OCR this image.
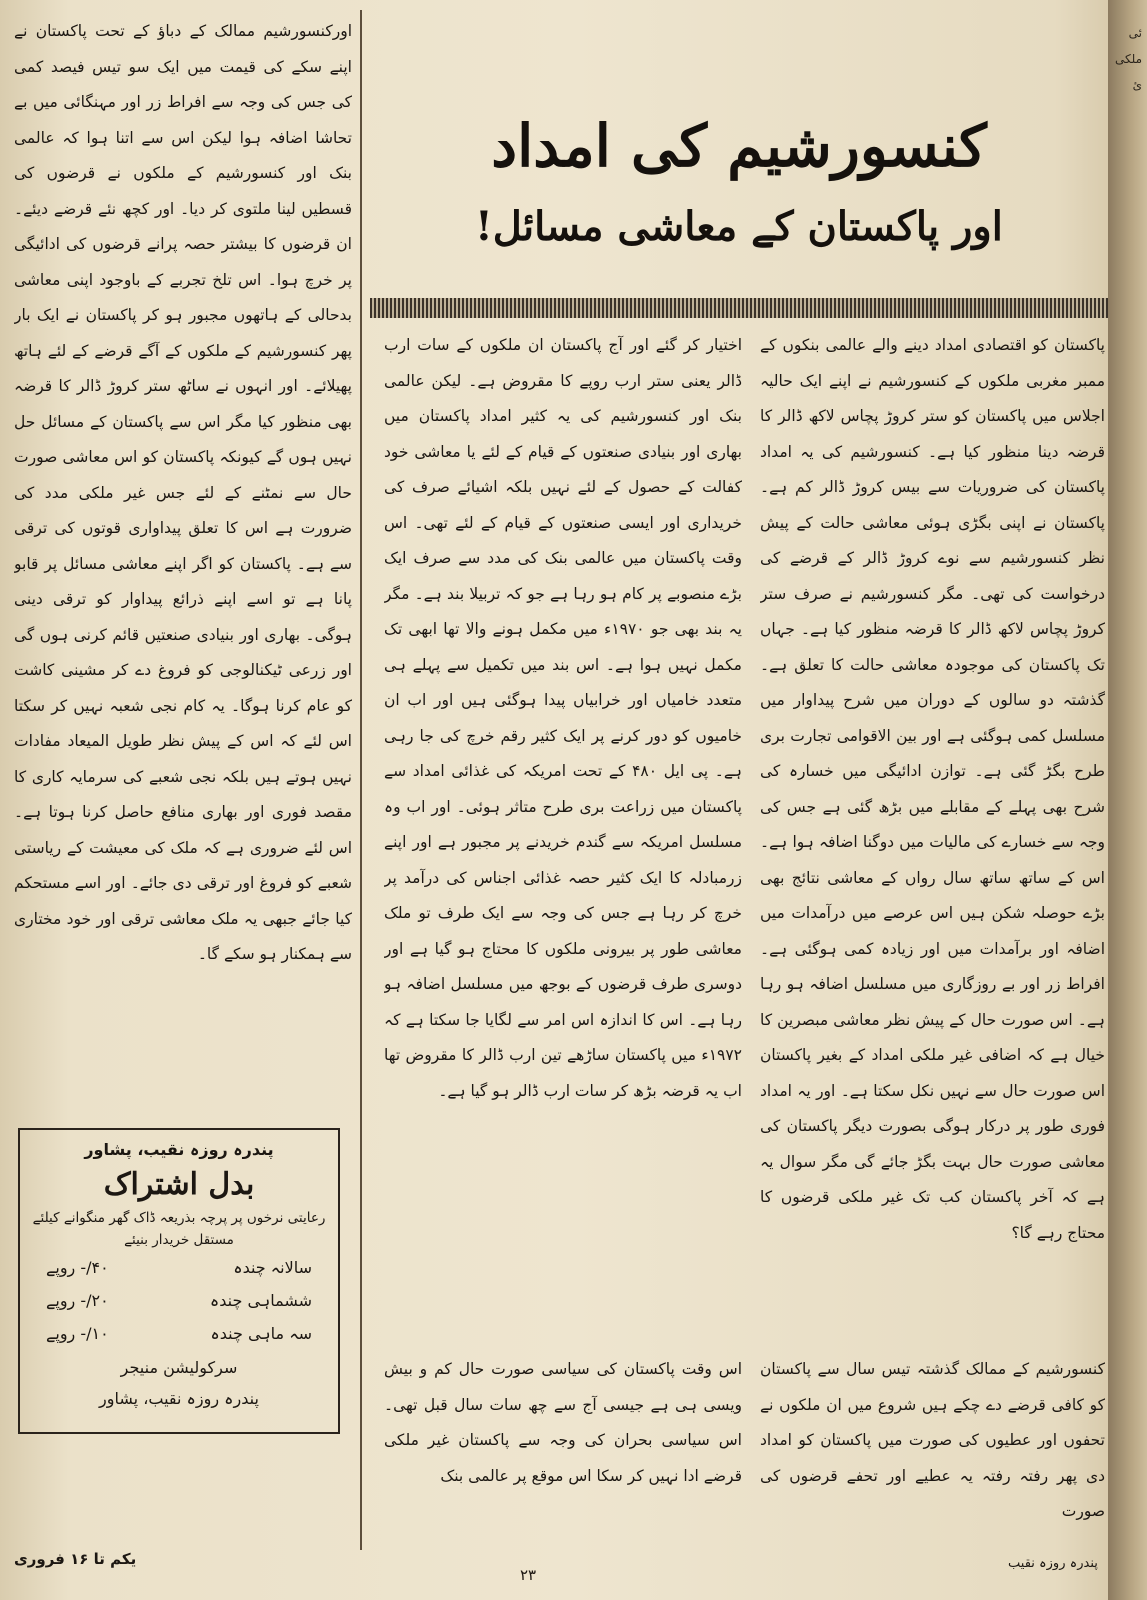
اورکنسورشیم ممالک کے دباؤ کے تحت پاکستان نے اپنے سکے کی قیمت میں ایک سو تیس فیصد کمی کی جس کی وجہ سے افراط زر اور مہنگائی میں بے تحاشا اضافہ ہوا لیکن اس سے اتنا ہوا کہ عالمی بنک اور کنسورشیم کے ملکوں نے قرضوں کی قسطیں لینا ملتوی کر دیا۔ اور کچھ نئے قرضے دیئے۔ ان قرضوں کا بیشتر حصہ پرانے قرضوں کی ادائیگی پر خرچ ہوا۔ اس تلخ تجربے کے باوجود اپنی معاشی بدحالی کے ہاتھوں مجبور ہو کر پاکستان نے ایک بار پھر کنسورشیم کے ملکوں کے آگے قرضے کے لئے ہاتھ پھیلائے۔ اور انہوں نے ساٹھ ستر کروڑ ڈالر کا قرضہ بھی منظور کیا مگر اس سے پاکستان کے مسائل حل نہیں ہوں گے کیونکہ پاکستان کو اس معاشی صورت حال سے نمٹنے کے لئے جس غیر ملکی مدد کی ضرورت ہے اس کا تعلق پیداواری قوتوں کی ترقی سے ہے۔ پاکستان کو اگر اپنے معاشی مسائل پر قابو پانا ہے تو اسے اپنے ذرائع پیداوار کو ترقی دینی ہوگی۔ بھاری اور بنیادی صنعتیں قائم کرنی ہوں گی اور زرعی ٹیکنالوجی کو فروغ دے کر مشینی کاشت کو عام کرنا ہوگا۔ یہ کام نجی شعبہ نہیں کر سکتا اس لئے کہ اس کے پیش نظر طویل المیعاد مفادات نہیں ہوتے ہیں بلکہ نجی شعبے کی سرمایہ کاری کا مقصد فوری اور بھاری منافع حاصل کرنا ہوتا ہے۔ اس لئے ضروری ہے کہ ملک کی معیشت کے ریاستی شعبے کو فروغ اور ترقی دی جائے۔ اور اسے مستحکم کیا جائے جبھی یہ ملک معاشی ترقی اور خود مختاری سے ہمکنار ہو سکے گا۔

کنسورشیم کی امداد
اور پاکستان کے معاشی مسائل!

پاکستان کو اقتصادی امداد دینے والے عالمی بنکوں کے ممبر مغربی ملکوں کے کنسورشیم نے اپنے ایک حالیہ اجلاس میں پاکستان کو ستر کروڑ پچاس لاکھ ڈالر کا قرضہ دینا منظور کیا ہے۔ کنسورشیم کی یہ امداد پاکستان کی ضروریات سے بیس کروڑ ڈالر کم ہے۔ پاکستان نے اپنی بگڑی ہوئی معاشی حالت کے پیش نظر کنسورشیم سے نوے کروڑ ڈالر کے قرضے کی درخواست کی تھی۔ مگر کنسورشیم نے صرف ستر کروڑ پچاس لاکھ ڈالر کا قرضہ منظور کیا ہے۔ جہاں تک پاکستان کی موجودہ معاشی حالت کا تعلق ہے۔ گذشتہ دو سالوں کے دوران میں شرح پیداوار میں مسلسل کمی ہوگئی ہے اور بین الاقوامی تجارت بری طرح بگڑ گئی ہے۔ توازن ادائیگی میں خسارہ کی شرح بھی پہلے کے مقابلے میں بڑھ گئی ہے جس کی وجہ سے خسارے کی مالیات میں دوگنا اضافہ ہوا ہے۔ اس کے ساتھ ساتھ سال رواں کے معاشی نتائج بھی بڑے حوصلہ شکن ہیں اس عرصے میں درآمدات میں اضافہ اور برآمدات میں اور زیادہ کمی ہوگئی ہے۔ افراط زر اور بے روزگاری میں مسلسل اضافہ ہو رہا ہے۔ اس صورت حال کے پیش نظر معاشی مبصرین کا خیال ہے کہ اضافی غیر ملکی امداد کے بغیر پاکستان اس صورت حال سے نہیں نکل سکتا ہے۔ اور یہ امداد فوری طور پر درکار ہوگی بصورت دیگر پاکستان کی معاشی صورت حال بہت بگڑ جائے گی مگر سوال یہ ہے کہ آخر پاکستان کب تک غیر ملکی قرضوں کا محتاج رہے گا؟

اختیار کر گئے اور آج پاکستان ان ملکوں کے سات ارب ڈالر یعنی ستر ارب روپے کا مقروض ہے۔ لیکن عالمی بنک اور کنسورشیم کی یہ کثیر امداد پاکستان میں بھاری اور بنیادی صنعتوں کے قیام کے لئے یا معاشی خود کفالت کے حصول کے لئے نہیں بلکہ اشیائے صرف کی خریداری اور ایسی صنعتوں کے قیام کے لئے تھی۔ اس وقت پاکستان میں عالمی بنک کی مدد سے صرف ایک بڑے منصوبے پر کام ہو رہا ہے جو کہ تربیلا بند ہے۔ مگر یہ بند بھی جو ۱۹۷۰ء میں مکمل ہونے والا تھا ابھی تک مکمل نہیں ہوا ہے۔ اس بند میں تکمیل سے پہلے ہی متعدد خامیاں اور خرابیاں پیدا ہوگئی ہیں اور اب ان خامیوں کو دور کرنے پر ایک کثیر رقم خرچ کی جا رہی ہے۔ پی ایل ۴۸۰ کے تحت امریکہ کی غذائی امداد سے پاکستان میں زراعت بری طرح متاثر ہوئی۔ اور اب وہ مسلسل امریکہ سے گندم خریدنے پر مجبور ہے اور اپنے زرمبادلہ کا ایک کثیر حصہ غذائی اجناس کی درآمد پر خرچ کر رہا ہے جس کی وجہ سے ایک طرف تو ملک معاشی طور پر بیرونی ملکوں کا محتاج ہو گیا ہے اور دوسری طرف قرضوں کے بوجھ میں مسلسل اضافہ ہو رہا ہے۔ اس کا اندازہ اس امر سے لگایا جا سکتا ہے کہ ۱۹۷۲ء میں پاکستان ساڑھے تین ارب ڈالر کا مقروض تھا اب یہ قرضہ بڑھ کر سات ارب ڈالر ہو گیا ہے۔

کنسورشیم کے ممالک گذشتہ تیس سال سے پاکستان کو کافی قرضے دے چکے ہیں شروع میں ان ملکوں نے تحفوں اور عطیوں کی صورت میں پاکستان کو امداد دی پھر رفتہ رفتہ یہ عطیے اور تحفے قرضوں کی صورت

اس وقت پاکستان کی سیاسی صورت حال کم و بیش ویسی ہی ہے جیسی آج سے چھ سات سال قبل تھی۔ اس سیاسی بحران کی وجہ سے پاکستان غیر ملکی قرضے ادا نہیں کر سکا اس موقع پر عالمی بنک

پندرہ روزہ نقیب، پشاور
بدل اشتراک
رعایتی نرخوں پر پرچہ بذریعہ ڈاک گھر منگوانے کیلئے مستقل خریدار بنیئے
سالانہ چندہ
۴۰/- روپے
ششماہی چندہ
۲۰/- روپے
سہ ماہی چندہ
۱۰/- روپے
سرکولیشن منیجر
پندرہ روزہ نقیب، پشاور
ئی ملکی ئ
یکم تا ۱۶ فروری
۲۳
پندرہ روزہ نقیب
